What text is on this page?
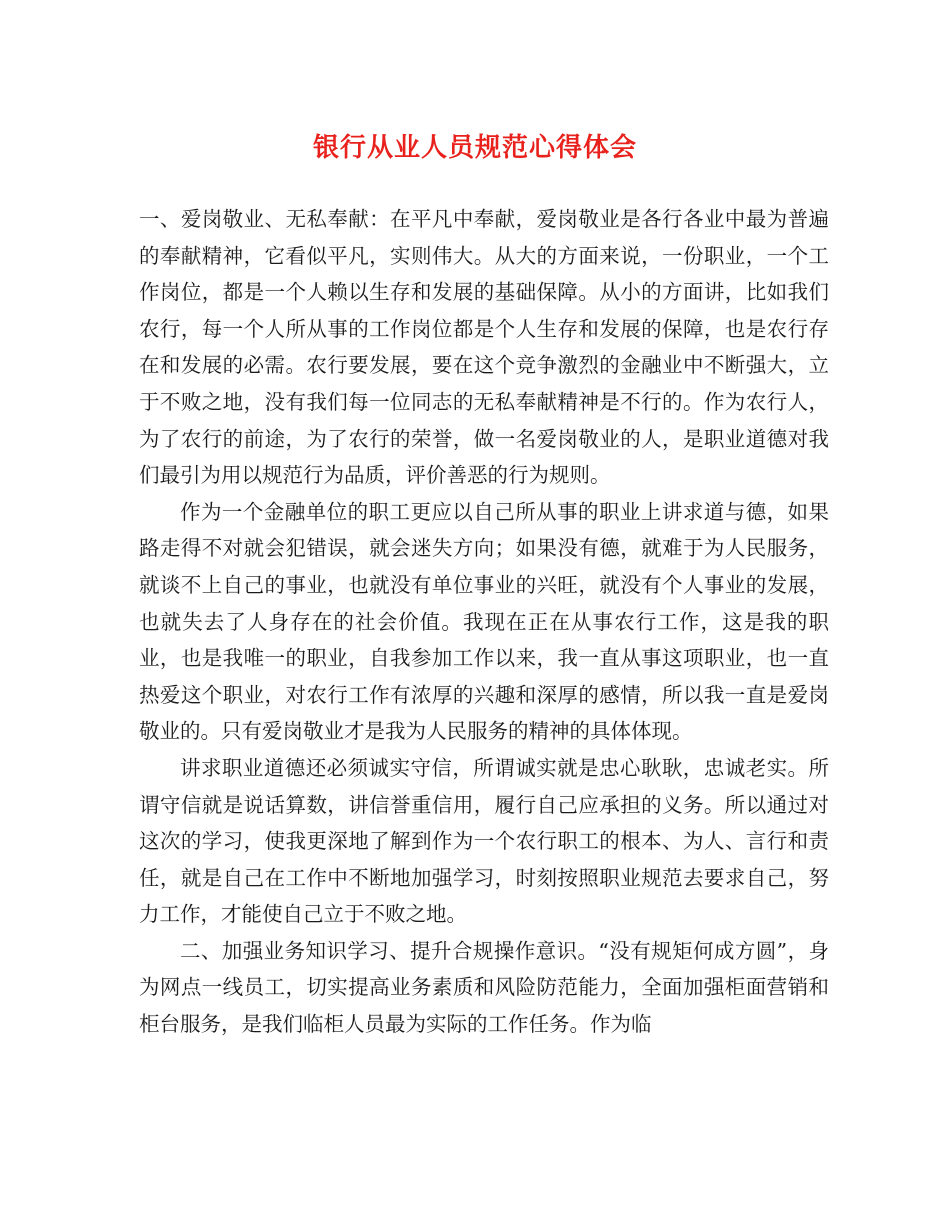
银行从业人员规范心得体会

一、爱岗敬业、无私奉献：在平凡中奉献，爱岗敬业是各行各业中最为普遍的奉献精神，它看似平凡，实则伟大。从大的方面来说，一份职业，一个工作岗位，都是一个人赖以生存和发展的基础保障。从小的方面讲，比如我们农行，每一个人所从事的工作岗位都是个人生存和发展的保障，也是农行存在和发展的必需。农行要发展，要在这个竞争激烈的金融业中不断强大，立于不败之地，没有我们每一位同志的无私奉献精神是不行的。作为农行人，为了农行的前途，为了农行的荣誉，做一名爱岗敬业的人，是职业道德对我们最引为用以规范行为品质，评价善恶的行为规则。

作为一个金融单位的职工更应以自己所从事的职业上讲求道与德，如果路走得不对就会犯错误，就会迷失方向；如果没有德，就难于为人民服务，就谈不上自己的事业，也就没有单位事业的兴旺，就没有个人事业的发展，也就失去了人身存在的社会价值。我现在正在从事农行工作，这是我的职业，也是我唯一的职业，自我参加工作以来，我一直从事这项职业，也一直热爱这个职业，对农行工作有浓厚的兴趣和深厚的感情，所以我一直是爱岗敬业的。只有爱岗敬业才是我为人民服务的精神的具体体现。

讲求职业道德还必须诚实守信，所谓诚实就是忠心耿耿，忠诚老实。所谓守信就是说话算数，讲信誉重信用，履行自己应承担的义务。所以通过对这次的学习，使我更深地了解到作为一个农行职工的根本、为人、言行和责任，就是自己在工作中不断地加强学习，时刻按照职业规范去要求自己，努力工作，才能使自己立于不败之地。

二、加强业务知识学习、提升合规操作意识。“没有规矩何成方圆”，身为网点一线员工，切实提高业务素质和风险防范能力，全面加强柜面营销和柜台服务，是我们临柜人员最为实际的工作任务。作为临
